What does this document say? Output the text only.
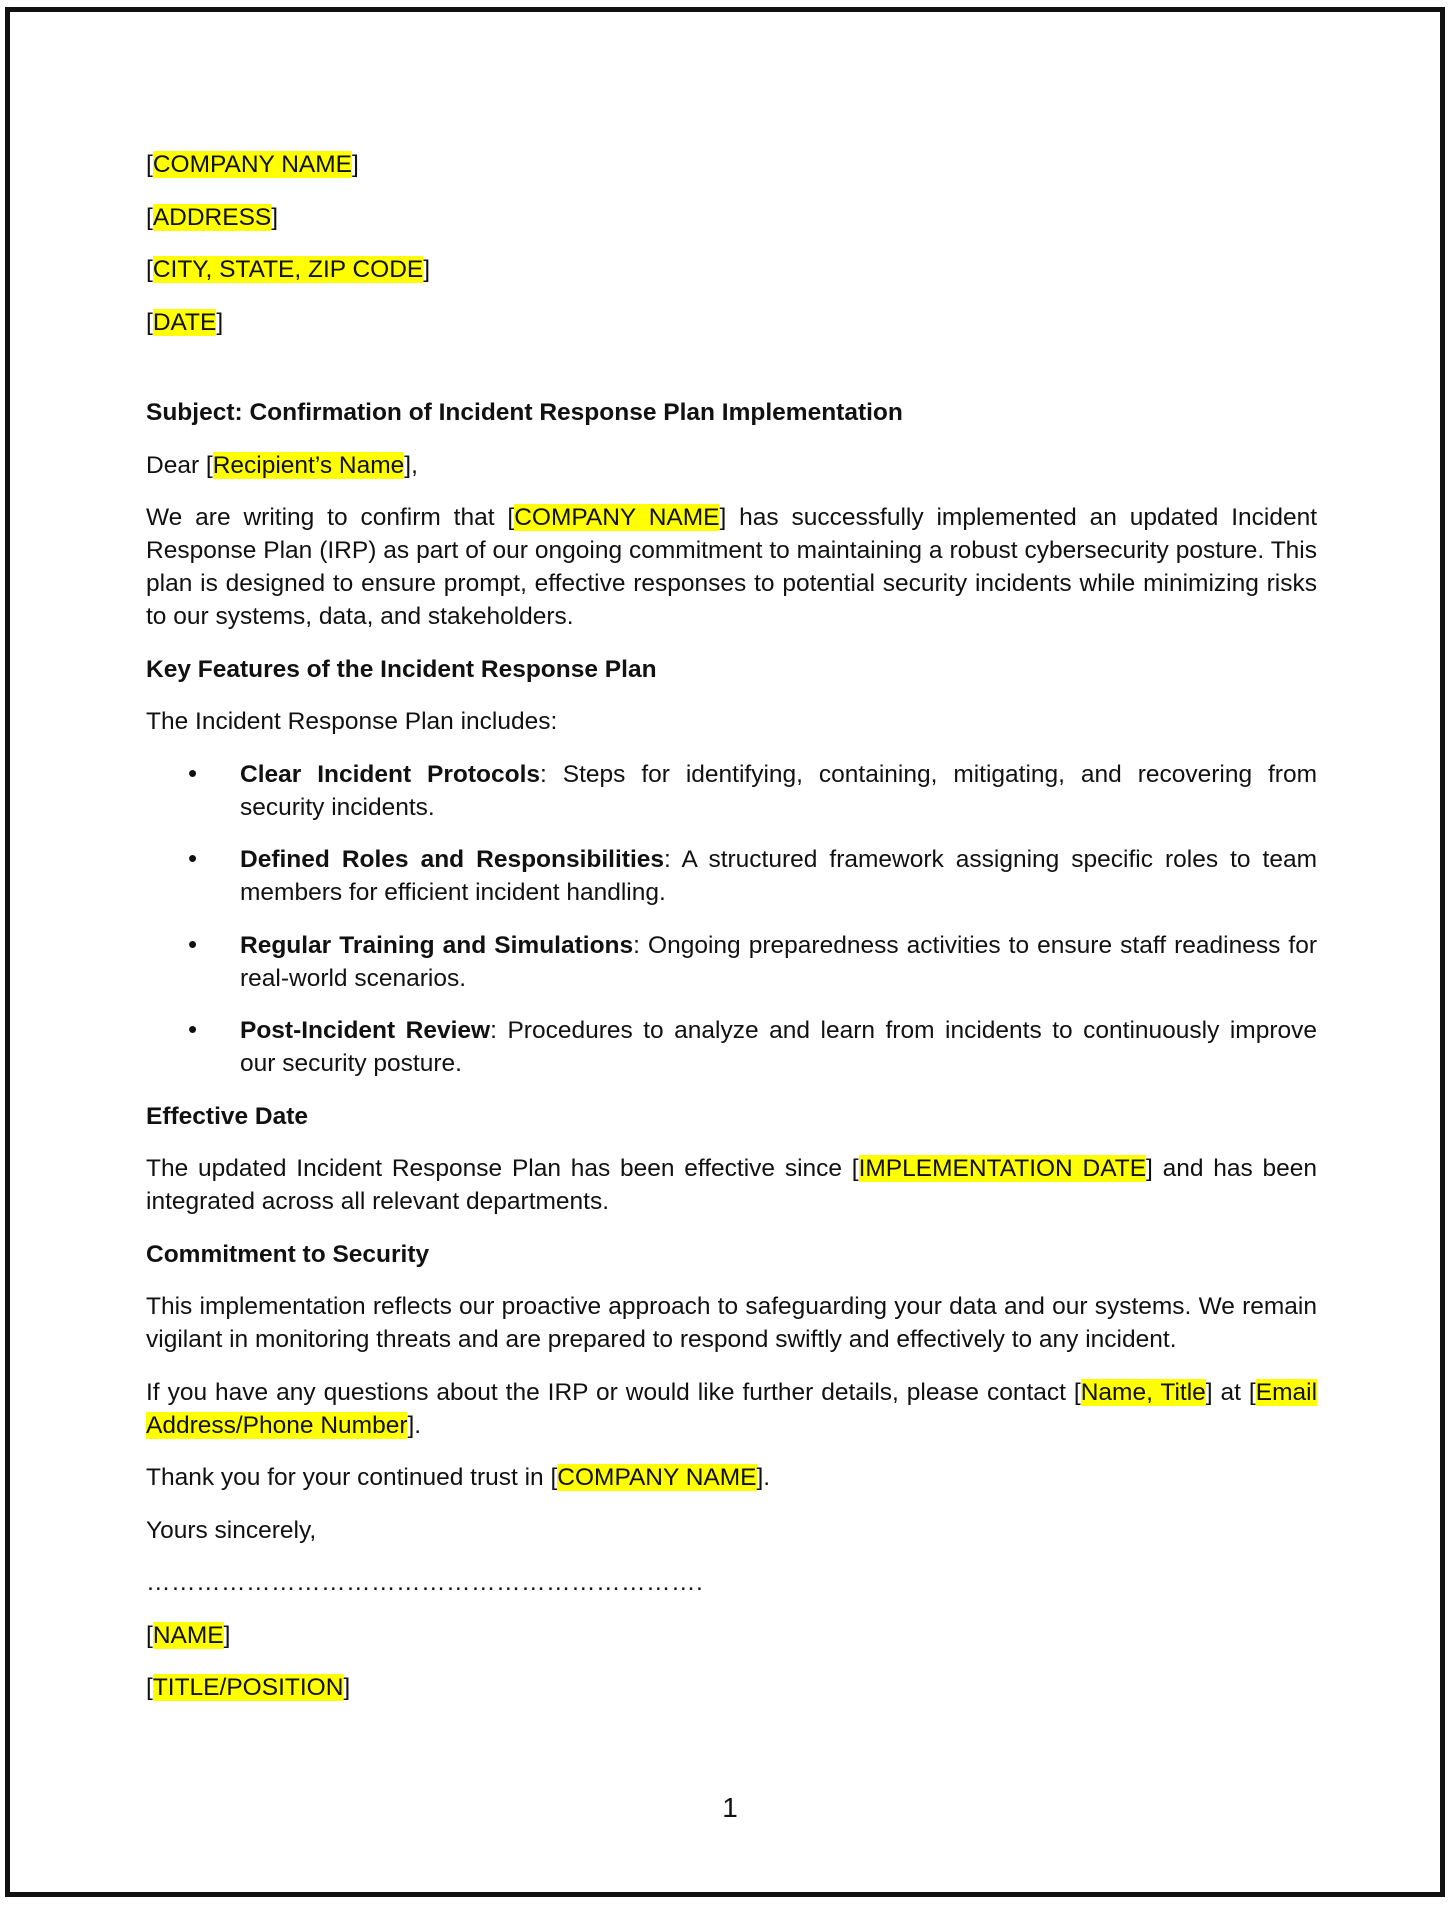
[COMPANY NAME]

[ADDRESS]

[CITY, STATE, ZIP CODE]

[DATE]

Subject: Confirmation of Incident Response Plan Implementation

Dear [Recipient’s Name],

We are writing to confirm that [COMPANY NAME] has successfully implemented an updated Incident Response Plan (IRP) as part of our ongoing commitment to maintaining a robust cybersecurity posture. This plan is designed to ensure prompt, effective responses to potential security incidents while minimizing risks to our systems, data, and stakeholders.

Key Features of the Incident Response Plan

The Incident Response Plan includes:

• Clear Incident Protocols: Steps for identifying, containing, mitigating, and recovering from security incidents.
• Defined Roles and Responsibilities: A structured framework assigning specific roles to team members for efficient incident handling.
• Regular Training and Simulations: Ongoing preparedness activities to ensure staff readiness for real-world scenarios.
• Post-Incident Review: Procedures to analyze and learn from incidents to continuously improve our security posture.

Effective Date

The updated Incident Response Plan has been effective since [IMPLEMENTATION DATE] and has been integrated across all relevant departments.

Commitment to Security

This implementation reflects our proactive approach to safeguarding your data and our systems. We remain vigilant in monitoring threats and are prepared to respond swiftly and effectively to any incident.

If you have any questions about the IRP or would like further details, please contact [Name, Title] at [Email Address/Phone Number].

Thank you for your continued trust in [COMPANY NAME].

Yours sincerely,

………………………………………………………….

[NAME]

[TITLE/POSITION]

1
